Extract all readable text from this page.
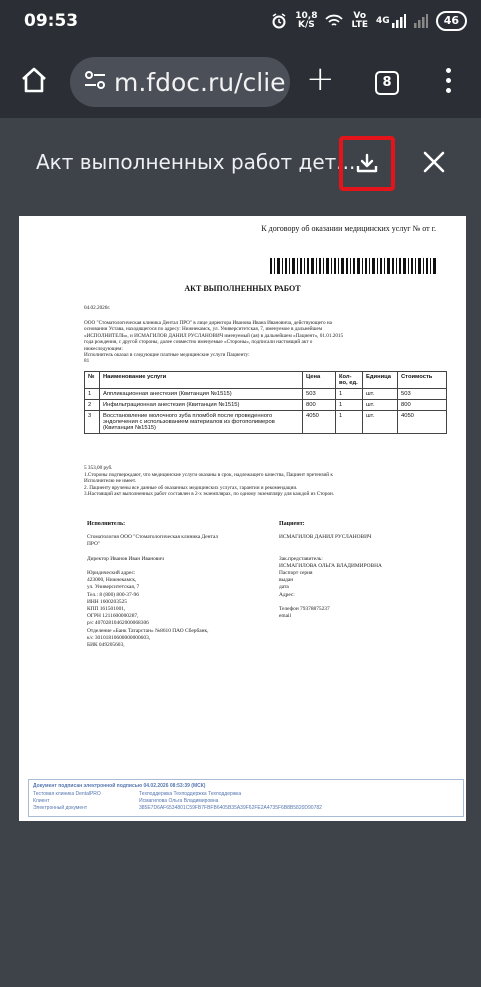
09:53	10,8
K/S
Vo
LTE 4G	46
m.fdoc.ru/clie +	8
Акт выполненных работ дет...
К договору об оказании медицинских услуг № от г.
АКТ ВЫПОЛНЕННЫХ РАБОТ
04.02.2026г.
ООО "Стоматологическая клиника Дентал ПРО" в лице директора Иванова Ивана Ивановича, действующего на
основании Устава, находящегося по адресу: Нижнекамск, ул. Университетская, 7, именуемое в дальнейшем
«ИСПОЛНИТЕЛЬ», и ИСМАГИЛОВ ДАНИЛ РУСЛАНОВИЧ именуемый (ая) в дальнейшем «Пациент», 01.01.2015
года рождения, с другой стороны, далее совместно именуемые «Стороны», подписали настоящий акт о
нижеследующем:
Исполнитель оказал в следующие платные медицинские услуги Пациенту:
81
№	Наименование услуги	Цена	Кол-во, ед.	Единица	Стоимость
1	Аппликационная анестезия (Квитанция №1515)	503	1	шт.	503
2	Инфильтрационная анестезия (Квитанция №1515)	800	1	шт.	800
3	Восстановление молочного зуба пломбой после проведенного эндолечения с использованием материалов из фотополимеров (Квитанция №1515)	4050	1	шт.	4050
5 353,00 руб.
1.Стороны подтверждают, что медицинские услуги оказаны в срок, надлежащего качества, Пациент претензий к
Исполнителю не имеет.
2. Пациенту вручены все данные об оказанных медицинских услугах, гарантии и рекомендации.
3.Настоящий акт выполненных работ составлен в 2-х экземплярах, по одному экземпляру для каждой из Сторон.
Исполнитель:
Стоматология ООО "Стоматологическая клиника Дентал
ПРО"

Директор Иванов Иван Иванович

Юридический адрес:
423000, Нижнекамск,
ул. Университетская, 7
Тел.: 8 (800) 800-37-96
ИНН 1600203525
КПП 161501001,
ОГРН 1211600000287,
р/с 40702810462000068306
Отделение «Банк Татарстан» №8610 ПАО Сбербанк,
к/с 30101810600000000603,
БИК 049205603,
Пациент:
ИСМАГИЛОВ ДАНИЛ РУСЛАНОВИЧ

Зак.представитель:
ИСМАГИЛОВА ОЛЬГА ВЛАДИМИРОВНА
Паспорт серия
выдан
дата
Адрес:

Телефон 79378875237
email
Документ подписан электронной подписью 04.02.2026 08:53:39 (МСК)
Тестовая клиника DentalPRO	Техподдержка Техподдержка Техподдержка
Клиент	Исмагилова Ольга Владимировна
Электронный документ	385E7D6AF6534801C59FB7FBFB6405B35A39F62FE2A4735F6B8B5820D90782
